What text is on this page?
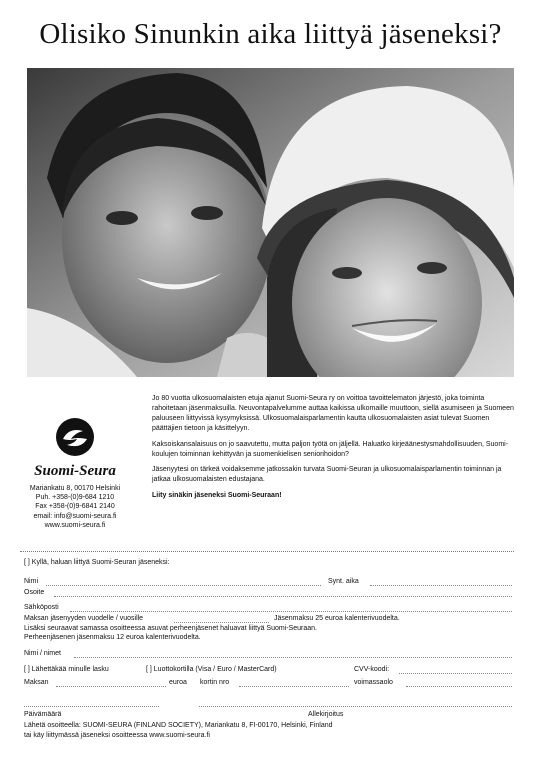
Olisiko Sinunkin aika liittyä jäseneksi?
Suomi-Seura
Mariankatu 8, 00170 Helsinki
Puh. +358-(0)9-684 1210
Fax +358-(0)9-6841 2140
email: info@suomi-seura.fi
www.suomi-seura.fi

Jo 80 vuotta ulkosuomalaisten etuja ajanut Suomi-Seura ry on voittoa tavoittelematon järjestö, joka toiminta rahoitetaan jäsenmaksuilla. Neuvontapalvelumme auttaa kaikissa ulkomaille muuttoon, siellä asumiseen ja Suomeen paluuseen liittyvissä kysymyksissä. Ulkosuomalaisparlamentin kautta ulkosuomalaisten asiat tulevat Suomen päättäjien tietoon ja käsittelyyn.

Kaksoiskansalaisuus on jo saavutettu, mutta paljon työtä on jäljellä. Haluatko kirjeäänestysmahdollisuuden, Suomi-koulujen toiminnan kehittyvän ja suomenkielisen seniorihoidon?

Jäsenyytesi on tärkeä voidaksemme jatkossakin turvata Suomi-Seuran ja ulkosuomalaisparlamentin toiminnan ja jatkaa ulkosuomalaisten edustajana.

Liity sinäkin jäseneksi Suomi-Seuraan!

[ ] Kyllä, haluan liittyä Suomi-Seuran jäseneksi:
Nimi	Synt. aika
Osoite
Sähköposti
Maksan jäsenyyden vuodelle / vuosille	Jäsenmaksu 25 euroa kalenterivuodelta.
Lisäksi seuraavat samassa osoitteessa asuvat perheenjäsenet haluavat liittyä Suomi-Seuraan.
Perheenjäsenen jäsenmaksu 12 euroa kalenterivuodelta.
Nimi / nimet
[ ] Lähettäkää minulle lasku	[ ] Luottokortilla (Visa / Euro / MasterCard)	CVV-koodi:
Maksan	euroa kortin nro	voimassaolo
Päivämäärä	Allekirjoitus
Lähetä osoitteella: SUOMI-SEURA (FINLAND SOCIETY), Mariankatu 8, FI-00170, Helsinki, Finland
tai käy liittymässä jäseneksi osoitteessa www.suomi-seura.fi
